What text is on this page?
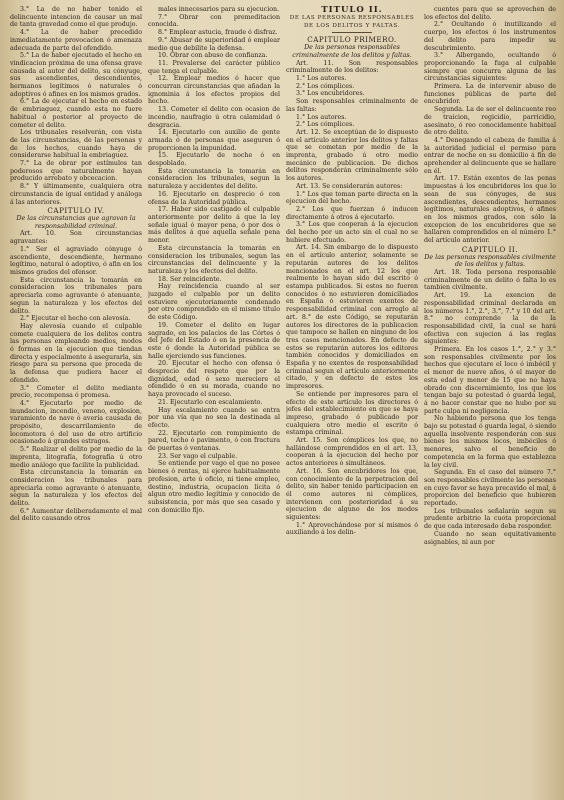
3.° La de no haber tenido el delincuente intencion de causar un mal de tanta gravedad como el que produjo.

4.° La de haber precedido inmediatamente provocacion ó amenaza adecuada de parte del ofendido.

5.° La de haber ejecutado el hecho en vindicacion próxima de una ofensa grave causada al autor del delito, su cónyuge, sus ascendientes, descendientes, hermanos legítimos ó naturales ó adoptivos ó afines en los mismos grados.

6.° La de ejecutar el hecho en estado de embriaguez, cuando esta no fuere habitual ó posterior al proyecto de cometer el delito.

Los tribunales resolverán, con vista de las circunstancias, de las personas y de los hechos, cuando haya de considerarse habitual la embriaguez.

7.° La de obrar por estímulos tan poderosos que naturalmente hayan producido arrebato y obcecacion.

8.° Y últimamente, cualquiera otra circunstancia de igual entidad y análoga á las anteriores.

CAPITULO IV.

De las circunstancias que agravan la responsabilidad criminal.

Art. 10. Son circunstancias agravantes:

1.° Ser el agraviado cónyuge ó ascendiente, descendiente, hermano legítimo, natural ó adoptivo, ó afin en los mismos grados del ofensor.

Esta circunstancia la tomarán en consideracion los tribunales para apreciarla como agravante ó atenuante, segun la naturaleza y los efectos del delito.

2.° Ejecutar el hecho con alevosía.

Hay alevosía cuando el culpable comete cualquiera de los delitos contra las personas empleando medios, modos ó formas en la ejecucion que tiendan directa y especialmente á asegurarla, sin riesgo para su persona que proceda de la defensa que pudiera hacer el ofendido.

3.° Cometer el delito mediante precio, recompensa ó promesa.

4.° Ejecutarlo por medio de inundacion, incendio, veneno, explosion, varamiento de nave ó avería causada de propósito, descarrilamiento de locomotora ó del uso de otro artificio ocasionado á grandes estragos.

5.° Realizar el delito por medio de la imprenta, litografía, fotografía ú otro medio análogo que facilite la publicidad.

Esta circunstancia la tomarán en consideracion los tribunales para apreciarla como agravante ó atenuante, segun la naturaleza y los efectos del delito.

6.° Aumentar deliberadamente el mal del delito causando otros

males innecesarios para su ejecucion.

7.° Obrar con premeditacion conocida.

8.° Emplear astucia, fraude ó disfraz.

9.° Abusar de superioridad ó emplear medio que debilite la defensa.

10. Obrar con abuso de confianza.

11. Prevalerse del carácter público que tenga el culpable.

12. Emplear medios ó hacer que concurran circunstancias que añadan la ignominia á los efectos propios del hecho.

13. Cometer el delito con ocasion de incendio, naufragio ú otra calamidad ó desgracia.

14. Ejecutarlo con auxilio de gente armada ó de personas que aseguren ó proporcionen la impunidad.

15. Ejecutarlo de noche ó en despoblado.

Esta circunstancia la tomarán en consideracion los tribunales, segun la naturaleza y accidentes del delito.

16. Ejecutarlo en desprecio ó con ofensa de la Autoridad pública.

17. Haber sido castigado el culpable anteriormente por delito á que la ley señale igual ó mayor pena, ó por dos ó más delitos á que aquella señale pena menor.

Esta circunstancia la tomarán en consideracion los tribunales, segun las circunstancias del delincuente y la naturaleza y los efectos del delito.

18. Ser reincidente.

Hay reincidencia cuando al ser juzgado el culpable por un delito estuviere ejecutoriamente condenado por otro comprendido en el mismo título de este Código.

19. Cometer el delito en lugar sagrado, en los palacios de las Córtes ó del Jefe del Estado ó en la presencia de este ó donde la Autoridad pública se halle ejerciendo sus funciones.

20. Ejecutar el hecho con ofensa ó desprecio del respeto que por la dignidad, edad ó sexo mereciere el ofendido ó en su morada, cuando no haya provocado el suceso.

21. Ejecutarlo con escalamiento.

Hay escalamiento cuando se entra por una vía que no sea la destinada al efecto.

22. Ejecutarlo con rompimiento de pared, techo ó pavimento, ó con fractura de puertas ó ventanas.

23. Ser vago el culpable.

Se entiende por vago el que no posee bienes ó rentas, ni ejerce habitualmente profesion, arte ú oficio, ni tiene empleo, destino, industria, ocupacion lícita ó algun otro medio legítimo y conocido de subsistencia, por más que sea casado y con domicilio fijo.

TITULO II.

DE LAS PERSONAS RESPONSABLES DE LOS DELITOS Y FALTAS.

CAPITULO PRIMERO.

De las personas responsables criminalmente de los delitos y faltas.

Art. 11. Son responsables criminalmente de los delitos:

1.° Los autores.

2.° Los cómplices.

3.° Los encubridores.

Son responsables criminalmente de las faltas:

1.° Los autores.

2.° Los cómplices.

Art. 12. Se exceptúan de lo dispuesto en el artículo anterior los delitos y faltas que se cometan por medio de la imprenta, grabado ú otro medio mecánico de publicacion. De dichos delitos responderán criminalmente sólo los autores.

Art. 13. Se considerarán autores:

1.° Los que toman parte directa en la ejecucion del hecho.

2.° Los que fuerzan ó inducen directamente á otros á ejecutarlo.

3.° Los que cooperan á la ejecucion del hecho por un acto sin el cual no se hubiere efectuado.

Art. 14. Sin embargo de lo dispuesto en el artículo anterior, solamente se reputarán autores de los delitos mencionados en el art. 12 los que realmente lo hayan sido del escrito ó estampa publicados. Si estos no fueren conocidos ó no estuvieren domiciliados en España ó estuvieren exentos de responsabilidad criminal con arreglo al art. 8.° de este Código, se reputarán autores los directores de la publicacion que tampoco se hallen en ninguno de los tres casos mencionados. En defecto de estos se reputarán autores los editores también conocidos y domiciliados en España y no exentos de responsabilidad criminal segun el artículo anteriormente citado, y en defecto de estos los impresores.

Se entiende por impresores para el efecto de este artículo los directores ó jefes del establecimiento en que se haya impreso, grabado ó publicado por cualquiera otro medio el escrito ó estampa criminal.

Art. 15. Son cómplices los que, no hallándose comprendidos en el art. 13, cooperan á la ejecucion del hecho por actos anteriores ó simultáneos.

Art. 16. Son encubridores los que, con conocimiento de la perpetracion del delito, sin haber tenido participacion en él como autores ni cómplices, intervienen con posterioridad á su ejecucion de alguno de los modos siguientes:

1.° Aprovechándose por sí mismos ó auxiliando á los delin-

cuentes para que se aprovechen de los efectos del delito.

2.° Ocultando ó inutilizando el cuerpo, los efectos ó los instrumentos del delito para impedir su descubrimiento.

3.° Albergando, ocultando ó proporcionando la fuga al culpable siempre que concurra alguna de las circunstancias siguientes:

Primera. La de intervenir abuso de funciones públicas de parte del encubridor.

Segunda. La de ser el delincuente reo de traicion, regicidio, parricidio, asesinato, ó reo conocidamente habitual de otro delito.

4.° Denegando el cabeza de familia á la autoridad judicial el permiso para entrar de noche en su domicilio á fin de aprehender al delincuente que se hallare en él.

Art. 17. Están exentos de las penas impuestas á los encubridores los que lo sean de sus cónyuges, de sus ascendientes, descendientes, hermanos legítimos, naturales adoptivos, ó afines en los mismos grados, con sólo la excepcion de los encubridores que se hallaren comprendidos en el número 1.° del artículo anterior.

CAPITULO II.

De las personas responsables civilmente de los delitos y faltas.

Art. 18. Toda persona responsable criminalmente de un delito ó falta lo es tambien civilmente.

Art. 19. La exencion de responsabilidad criminal declarada en los números 1.°, 2.°, 3.°, 7.° y 10 del art. 8.° no comprende la de la responsabilidad civil, la cual se hará efectiva con sujecion á las reglas siguientes:

Primera. En los casos 1.°, 2.° y 3.° son responsables civilmente por los hechos que ejecutare el loco ó imbécil y el menor de nueve años, ó el mayor de esta edad y menor de 15 que no haya obrado con discernimiento, los que los tengan bajo su potestad ó guarda legal, á no hacer constar que no hubo por su parte culpa ni negligencia.

No habiendo persona que los tenga bajo su potestad ó guarda legal, ó siendo aquella insolvente responderán con sus bienes los mismos locos, imbéciles ó menores, salvo el beneficio de competencia en la forma que establezca la ley civil.

Segunda. En el caso del número 7.° son responsables civilmente las personas en cuyo favor se haya precavido el mal, á proporcion del beneficio que hubieren reportado.

Los tribunales señalarán segun su prudente arbitrio la cuota proporcional de que cada interesado deba responder.

Cuando no sean equitativamente asignables, ni aun por
